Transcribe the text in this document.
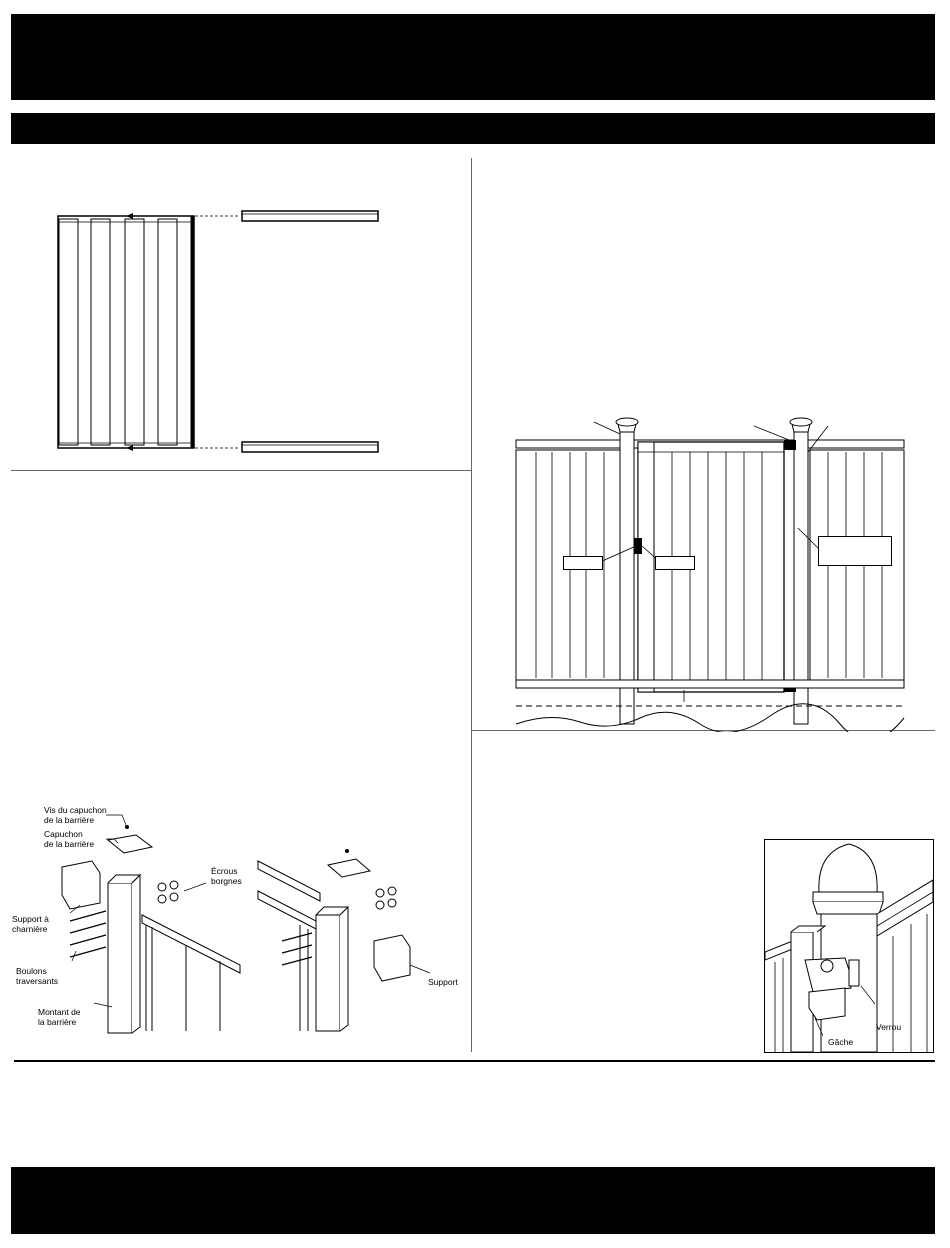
Vis du capuchon
de la barrière
Capuchon
de la barrière
Écrous
borgnes
Support à
charnière
Boulons
traversants
Montant de
la barrière
Support
Verrou
Gâche
